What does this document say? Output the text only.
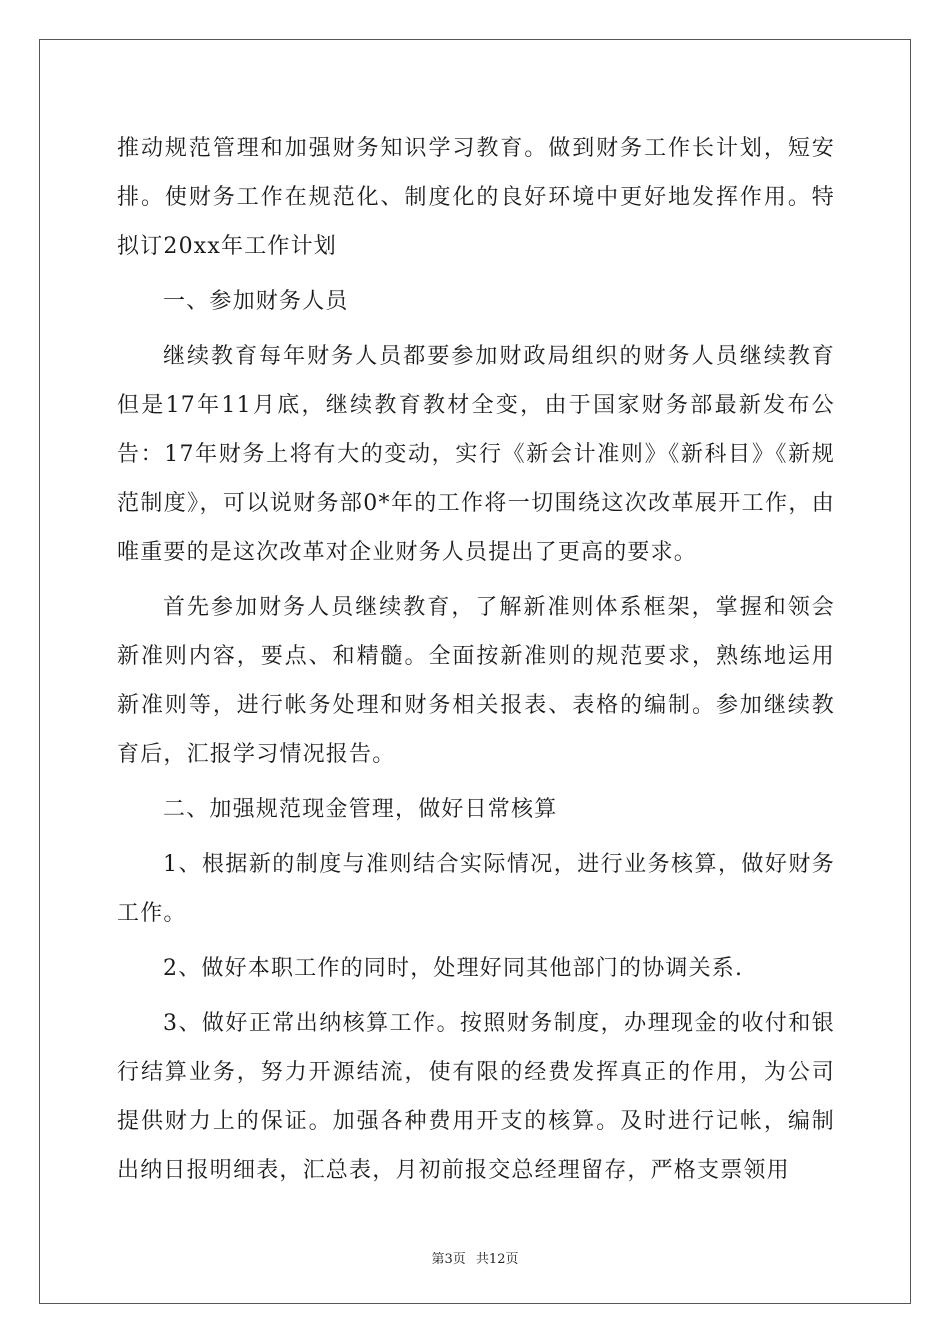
推动规范管理和加强财务知识学习教育。做到财务工作长计划，短安排。使财务工作在规范化、制度化的良好环境中更好地发挥作用。特拟订20xx年工作计划

一、参加财务人员

继续教育每年财务人员都要参加财政局组织的财务人员继续教育但是17年11月底，继续教育教材全变，由于国家财务部最新发布公告：17年财务上将有大的变动，实行《新会计准则》《新科目》《新规范制度》，可以说财务部0*年的工作将一切围绕这次改革展开工作，由唯重要的是这次改革对企业财务人员提出了更高的要求。

首先参加财务人员继续教育，了解新准则体系框架，掌握和领会新准则内容，要点、和精髓。全面按新准则的规范要求，熟练地运用新准则等，进行帐务处理和财务相关报表、表格的编制。参加继续教育后，汇报学习情况报告。

二、加强规范现金管理，做好日常核算

1、根据新的制度与准则结合实际情况，进行业务核算，做好财务工作。

2、做好本职工作的同时，处理好同其他部门的协调关系.

3、做好正常出纳核算工作。按照财务制度，办理现金的收付和银行结算业务，努力开源结流，使有限的经费发挥真正的作用，为公司提供财力上的保证。加强各种费用开支的核算。及时进行记帐，编制出纳日报明细表，汇总表，月初前报交总经理留存，严格支票领用

第3页 共12页
